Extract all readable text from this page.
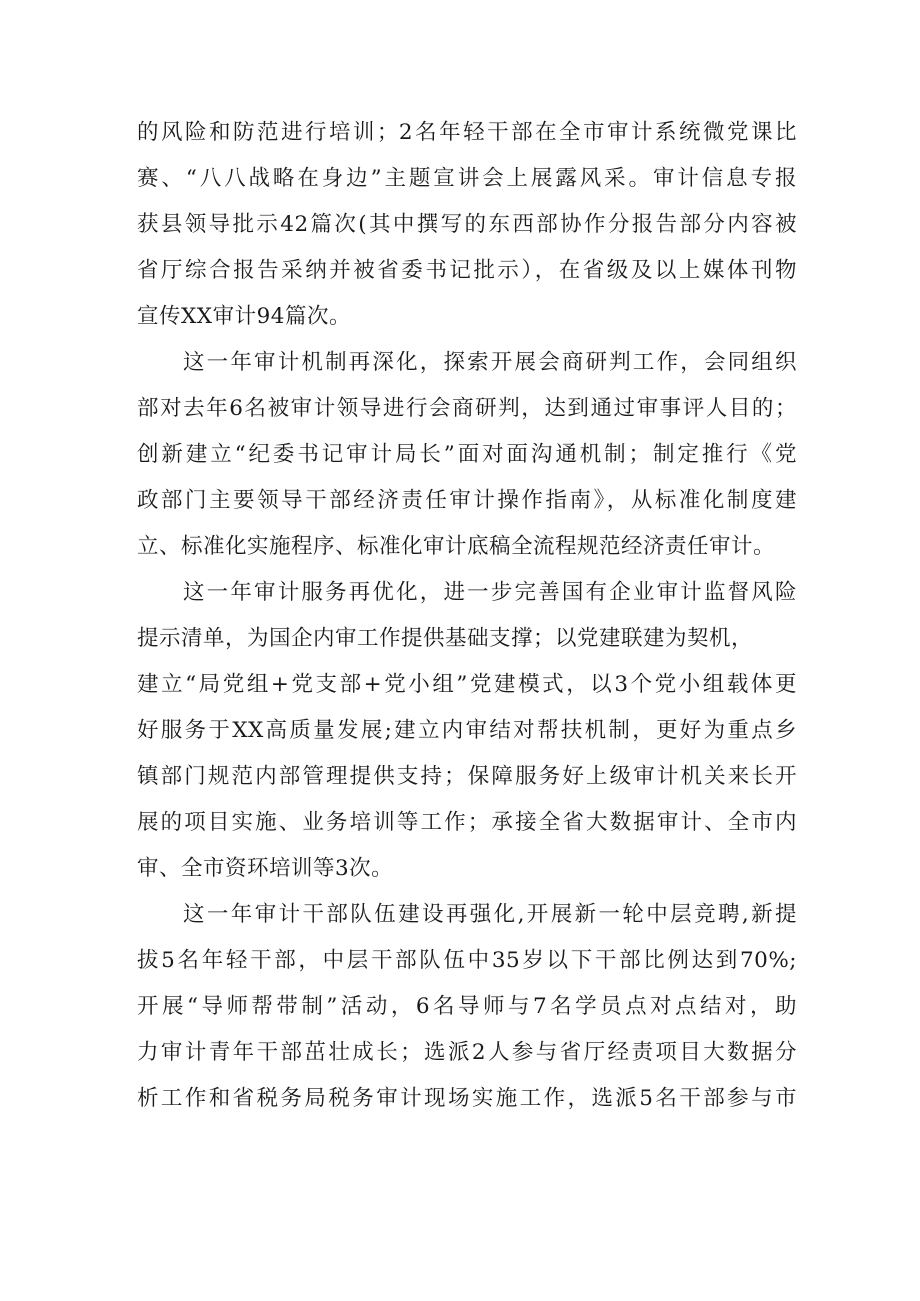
的风险和防范进行培训；2名年轻干部在全市审计系统微党课比
赛、“八八战略在身边”主题宣讲会上展露风采。审计信息专报
获县领导批示42篇次(其中撰写的东西部协作分报告部分内容被
省厅综合报告采纳并被省委书记批示），在省级及以上媒体刊物
宣传XX审计94篇次。
这一年审计机制再深化，探索开展会商研判工作，会同组织
部对去年6名被审计领导进行会商研判，达到通过审事评人目的；
创新建立“纪委书记审计局长”面对面沟通机制；制定推行《党
政部门主要领导干部经济责任审计操作指南》，从标准化制度建
立、标准化实施程序、标准化审计底稿全流程规范经济责任审计。
这一年审计服务再优化，进一步完善国有企业审计监督风险
提示清单，为国企内审工作提供基础支撑；以党建联建为契机，
建立“局党组+党支部+党小组”党建模式，以3个党小组载体更
好服务于XX高质量发展;建立内审结对帮扶机制，更好为重点乡
镇部门规范内部管理提供支持；保障服务好上级审计机关来长开
展的项目实施、业务培训等工作；承接全省大数据审计、全市内
审、全市资环培训等3次。
这一年审计干部队伍建设再强化,开展新一轮中层竞聘,新提
拔5名年轻干部，中层干部队伍中35岁以下干部比例达到70%;
开展“导师帮带制”活动，6名导师与7名学员点对点结对，助
力审计青年干部茁壮成长；选派2人参与省厅经责项目大数据分
析工作和省税务局税务审计现场实施工作，选派5名干部参与市
